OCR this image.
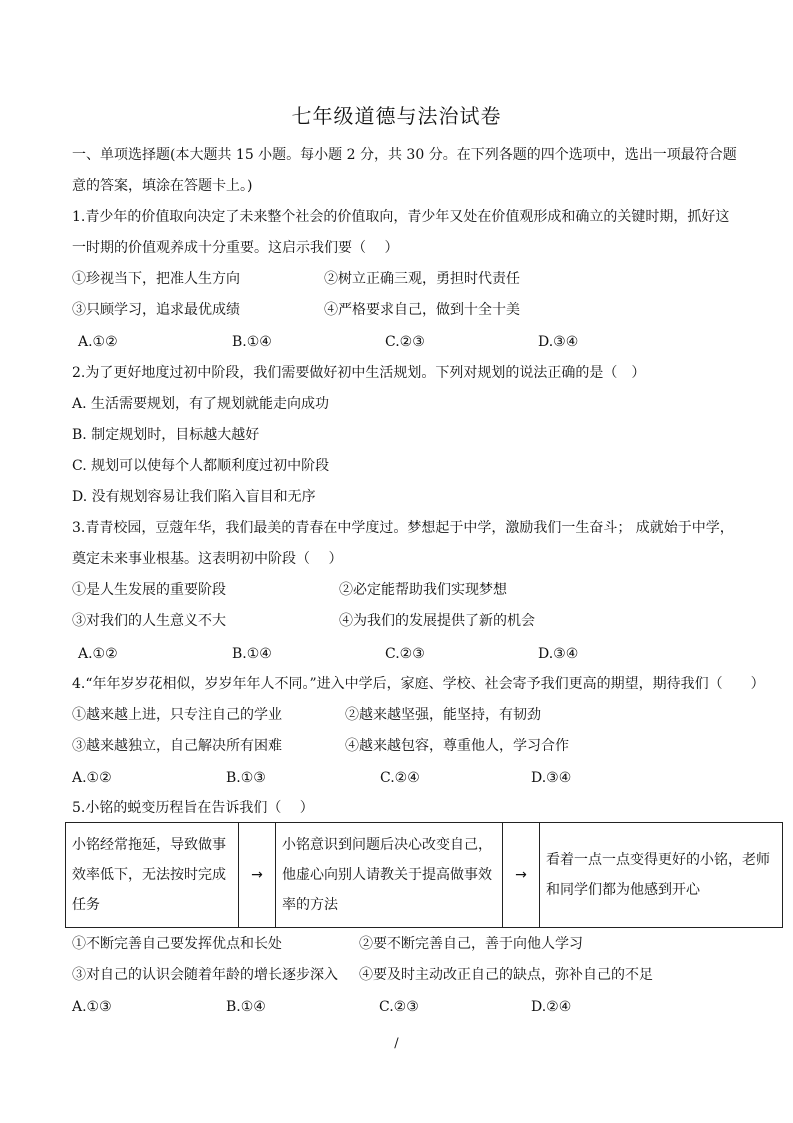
七年级道德与法治试卷
一、单项选择题(本大题共 15 小题。每小题 2 分，共 30 分。在下列各题的四个选项中，选出一项最符合题
意的答案，填涂在答题卡上。)
1.青少年的价值取向决定了未来整个社会的价值取向，青少年又处在价值观形成和确立的关键时期，抓好这
一时期的价值观养成十分重要。这启示我们要（　 ）
①珍视当下，把准人生方向	②树立正确三观，勇担时代责任
③只顾学习，追求最优成绩	④严格要求自己，做到十全十美
A.①②	B.①④	C.②③	D.③④
2.为了更好地度过初中阶段，我们需要做好初中生活规划。下列对规划的说法正确的是（　）
A. 生活需要规划，有了规划就能走向成功
B. 制定规划时，目标越大越好
C. 规划可以使每个人都顺利度过初中阶段
D. 没有规划容易让我们陷入盲目和无序
3.青青校园，豆蔻年华，我们最美的青春在中学度过。梦想起于中学，激励我们一生奋斗； 成就始于中学，
奠定未来事业根基。这表明初中阶段（　 ）
①是人生发展的重要阶段	②必定能帮助我们实现梦想
③对我们的人生意义不大	④为我们的发展提供了新的机会
A.①②	B.①④	C.②③	D.③④
4.“年年岁岁花相似，岁岁年年人不同。”进入中学后，家庭、学校、社会寄予我们更高的期望，期待我们（　　）
①越来越上进，只专注自己的学业	②越来越坚强，能坚持，有韧劲
③越来越独立，自己解决所有困难	④越来越包容，尊重他人，学习合作
A.①②	B.①③	C.②④	D.③④
5.小铭的蜕变历程旨在告诉我们（　 ）
小铭经常拖延，导致做事效率低下，无法按时完成任务	→	小铭意识到问题后决心改变自己，他虚心向别人请教关于提高做事效率的方法	→	看着一点一点变得更好的小铭，老师和同学们都为他感到开心
①不断完善自己要发挥优点和长处	②要不断完善自己，善于向他人学习
③对自己的认识会随着年龄的增长逐步深入 ④要及时主动改正自己的缺点，弥补自己的不足
A.①③	B.①④	C.②③	D.②④
/
